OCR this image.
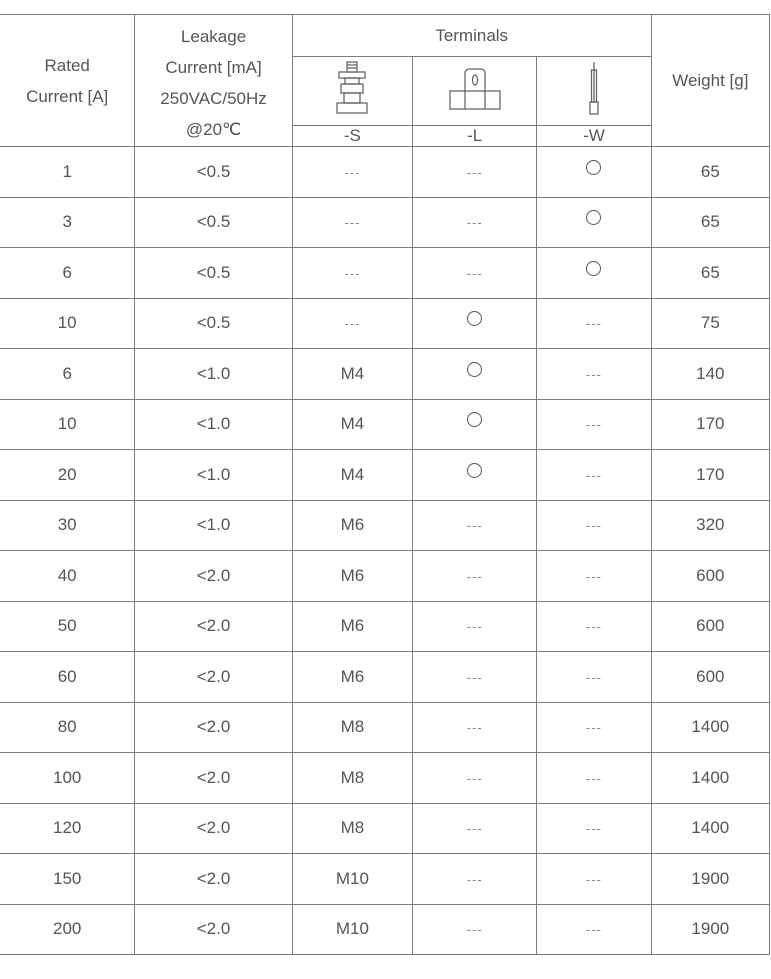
Rated
Current [A]	Leakage
Current [mA]
250VAC/50Hz
@20℃	Terminals			Weight [g]

		-S	-L	-W	
1	<0.5	---	---		65
3	<0.5	---	---		65
6	<0.5	---	---		65
10	<0.5	---		---	75
6	<1.0	M4		---	140
10	<1.0	M4		---	170
20	<1.0	M4		---	170
30	<1.0	M6	---	---	320
40	<2.0	M6	---	---	600
50	<2.0	M6	---	---	600
60	<2.0	M6	---	---	600
80	<2.0	M8	---	---	1400
100	<2.0	M8	---	---	1400
120	<2.0	M8	---	---	1400
150	<2.0	M10	---	---	1900
200	<2.0	M10	---	---	1900
